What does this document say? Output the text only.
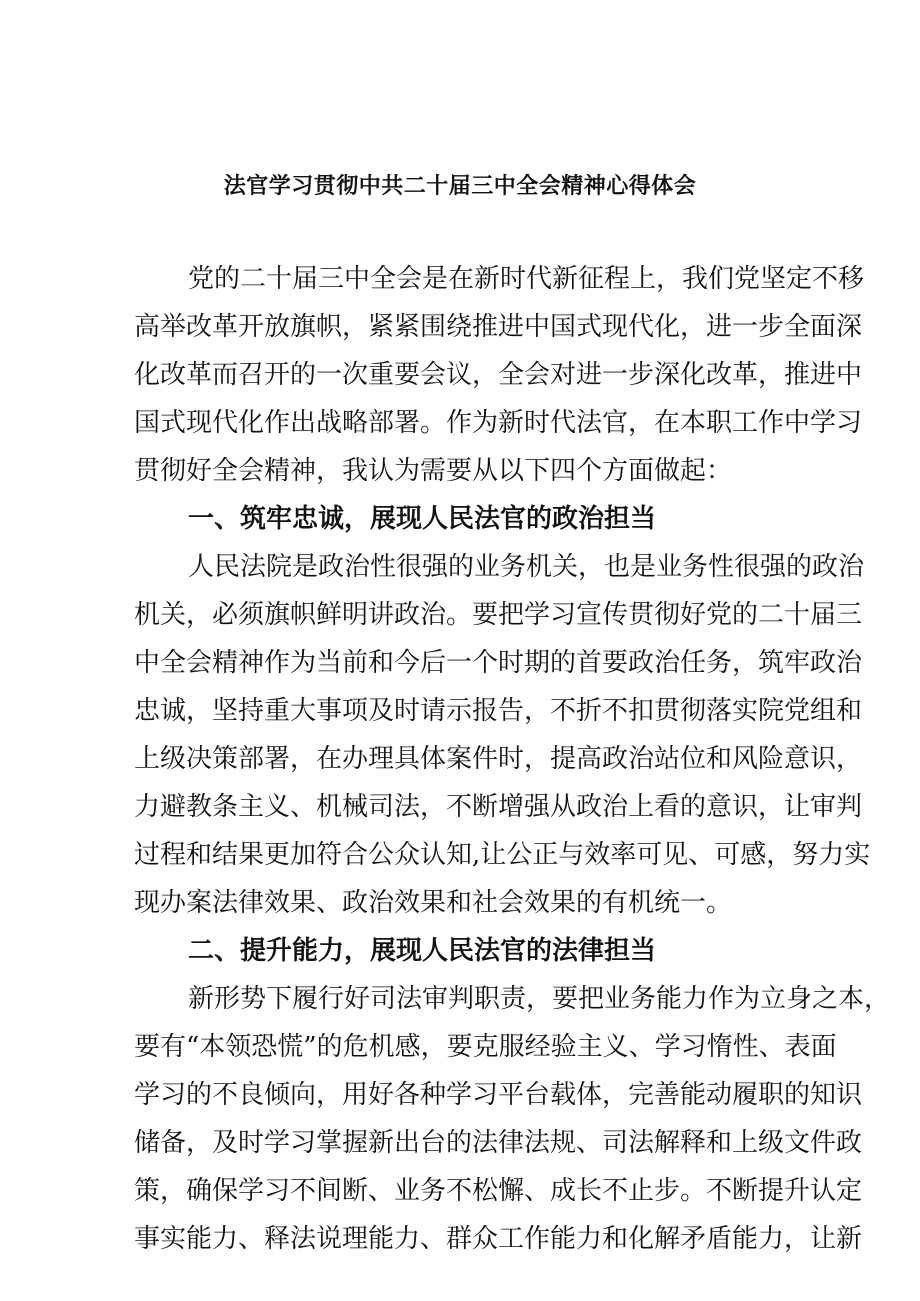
法官学习贯彻中共二十届三中全会精神心得体会
党的二十届三中全会是在新时代新征程上，我们党坚定不移
高举改革开放旗帜，紧紧围绕推进中国式现代化，进一步全面深
化改革而召开的一次重要会议，全会对进一步深化改革，推进中
国式现代化作出战略部署。作为新时代法官，在本职工作中学习
贯彻好全会精神，我认为需要从以下四个方面做起：
一、筑牢忠诚，展现人民法官的政治担当
人民法院是政治性很强的业务机关，也是业务性很强的政治
机关，必须旗帜鲜明讲政治。要把学习宣传贯彻好党的二十届三
中全会精神作为当前和今后一个时期的首要政治任务，筑牢政治
忠诚，坚持重大事项及时请示报告，不折不扣贯彻落实院党组和
上级决策部署，在办理具体案件时，提高政治站位和风险意识，
力避教条主义、机械司法，不断增强从政治上看的意识，让审判
过程和结果更加符合公众认知,让公正与效率可见、可感，努力实
现办案法律效果、政治效果和社会效果的有机统一。
二、提升能力，展现人民法官的法律担当
新形势下履行好司法审判职责，要把业务能力作为立身之本，
要有“本领恐慌”的危机感，要克服经验主义、学习惰性、表面
学习的不良倾向，用好各种学习平台载体，完善能动履职的知识
储备，及时学习掌握新出台的法律法规、司法解释和上级文件政
策，确保学习不间断、业务不松懈、成长不止步。不断提升认定
事实能力、释法说理能力、群众工作能力和化解矛盾能力，让新
